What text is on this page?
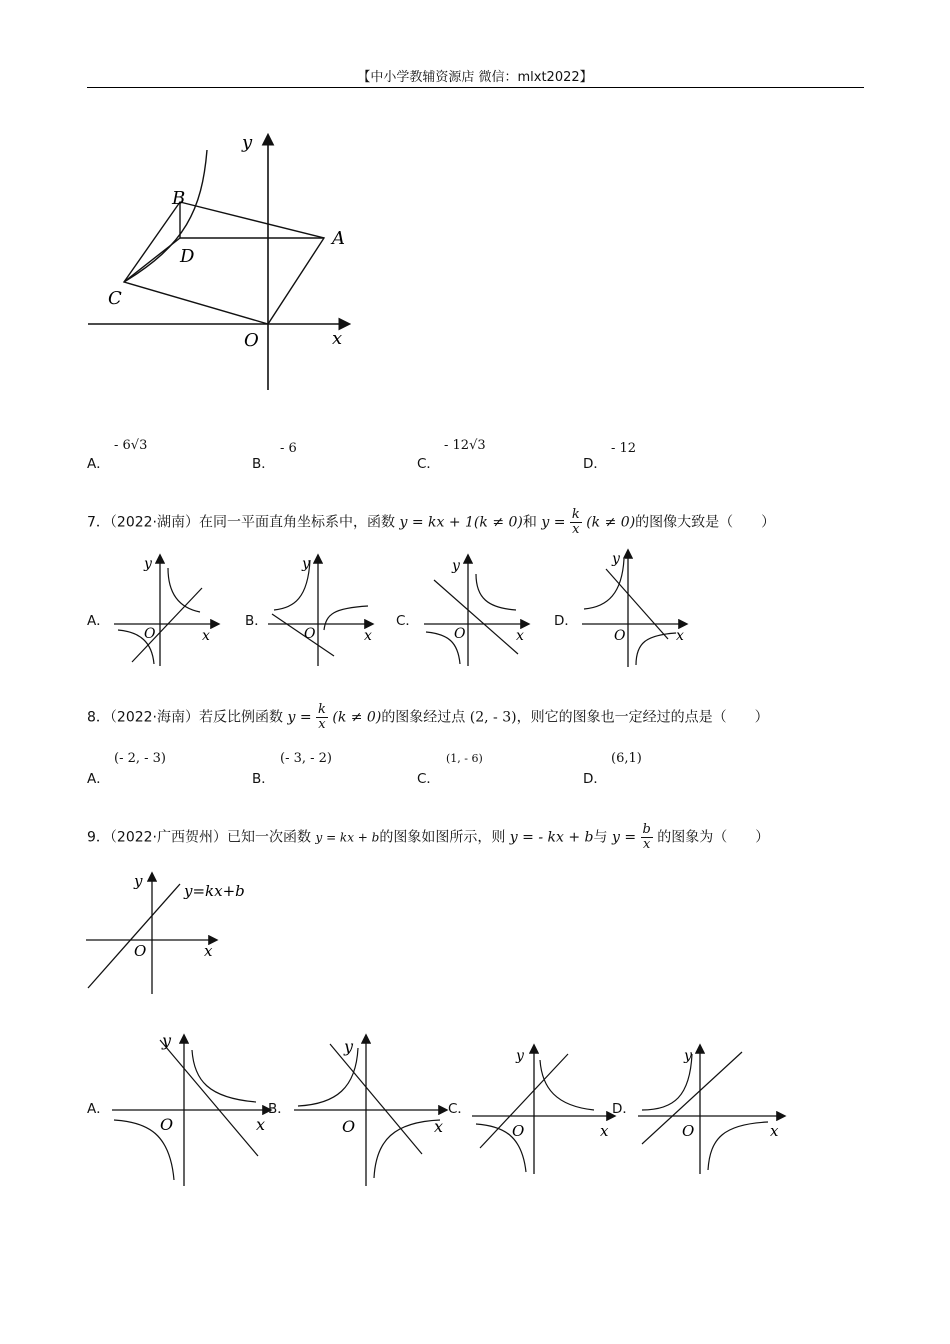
【中小学教辅资源店 微信：mlxt2022】
y
x
B
A
D
C
O
A．
- 6√3
B．
- 6
C．
- 12√3
D．
- 12
7．（2022·湖南）在同一平面直角坐标系中，函数 y = kx + 1(k ≠ 0)和 $y = \frac{k}{x} (k \ne 0)$的图像大致是（　　）
A．	B．	C．	D．
y
O	x
y
O	x
y
O	x
y
O	x
8．（2022·海南）若反比例函数 $y = \frac{k}{x} (k \ne 0)$的图象经过点 (2, - 3)，则它的图象也一定经过的点是（　　）
A．
(- 2, - 3)
B．
(- 3, - 2)
C．
(1, - 6)
D．
(6,1)
9．（2022·广西贺州）已知一次函数 y = kx + b的图象如图所示，则 y = - kx + b与 $y = \frac{b}{x}$ 的图象为（　　）
y
O	x
y=kx+b
A．	B．	C．	D．
y
O	x
y
O	x
y
O	x
y
O	x
